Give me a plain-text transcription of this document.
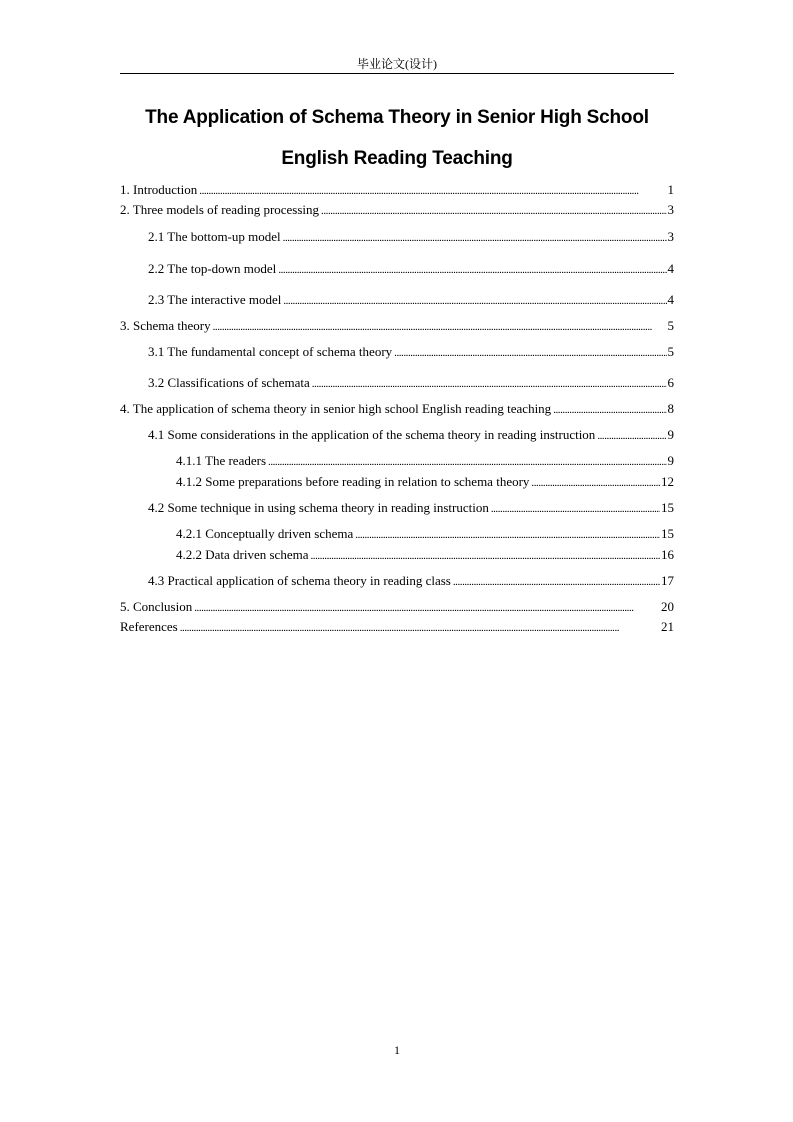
毕业论文(设计)
The Application of Schema Theory in Senior High School
English Reading Teaching
1. Introduction . . .	1
2. Three models of reading processing . . .	3
2.1 The bottom-up model . . .	3
2.2 The top-down model . . .	4
2.3 The interactive model . . .	4
3. Schema theory . . .	5
3.1 The fundamental concept of schema theory . . .	5
3.2 Classifications of schemata . . .	6
4. The application of schema theory in senior high school English reading teaching . . .	8
4.1 Some considerations in the application of the schema theory in reading instruction . . .	9
4.1.1 The readers . . .	9
4.1.2 Some preparations before reading in relation to schema theory . . .	12
4.2 Some technique in using schema theory in reading instruction . . .	15
4.2.1 Conceptually driven schema . . .	15
4.2.2 Data driven schema . . .	16
4.3 Practical application of schema theory in reading class . . .	17
5. Conclusion . . .	20
References . . .	21
1
